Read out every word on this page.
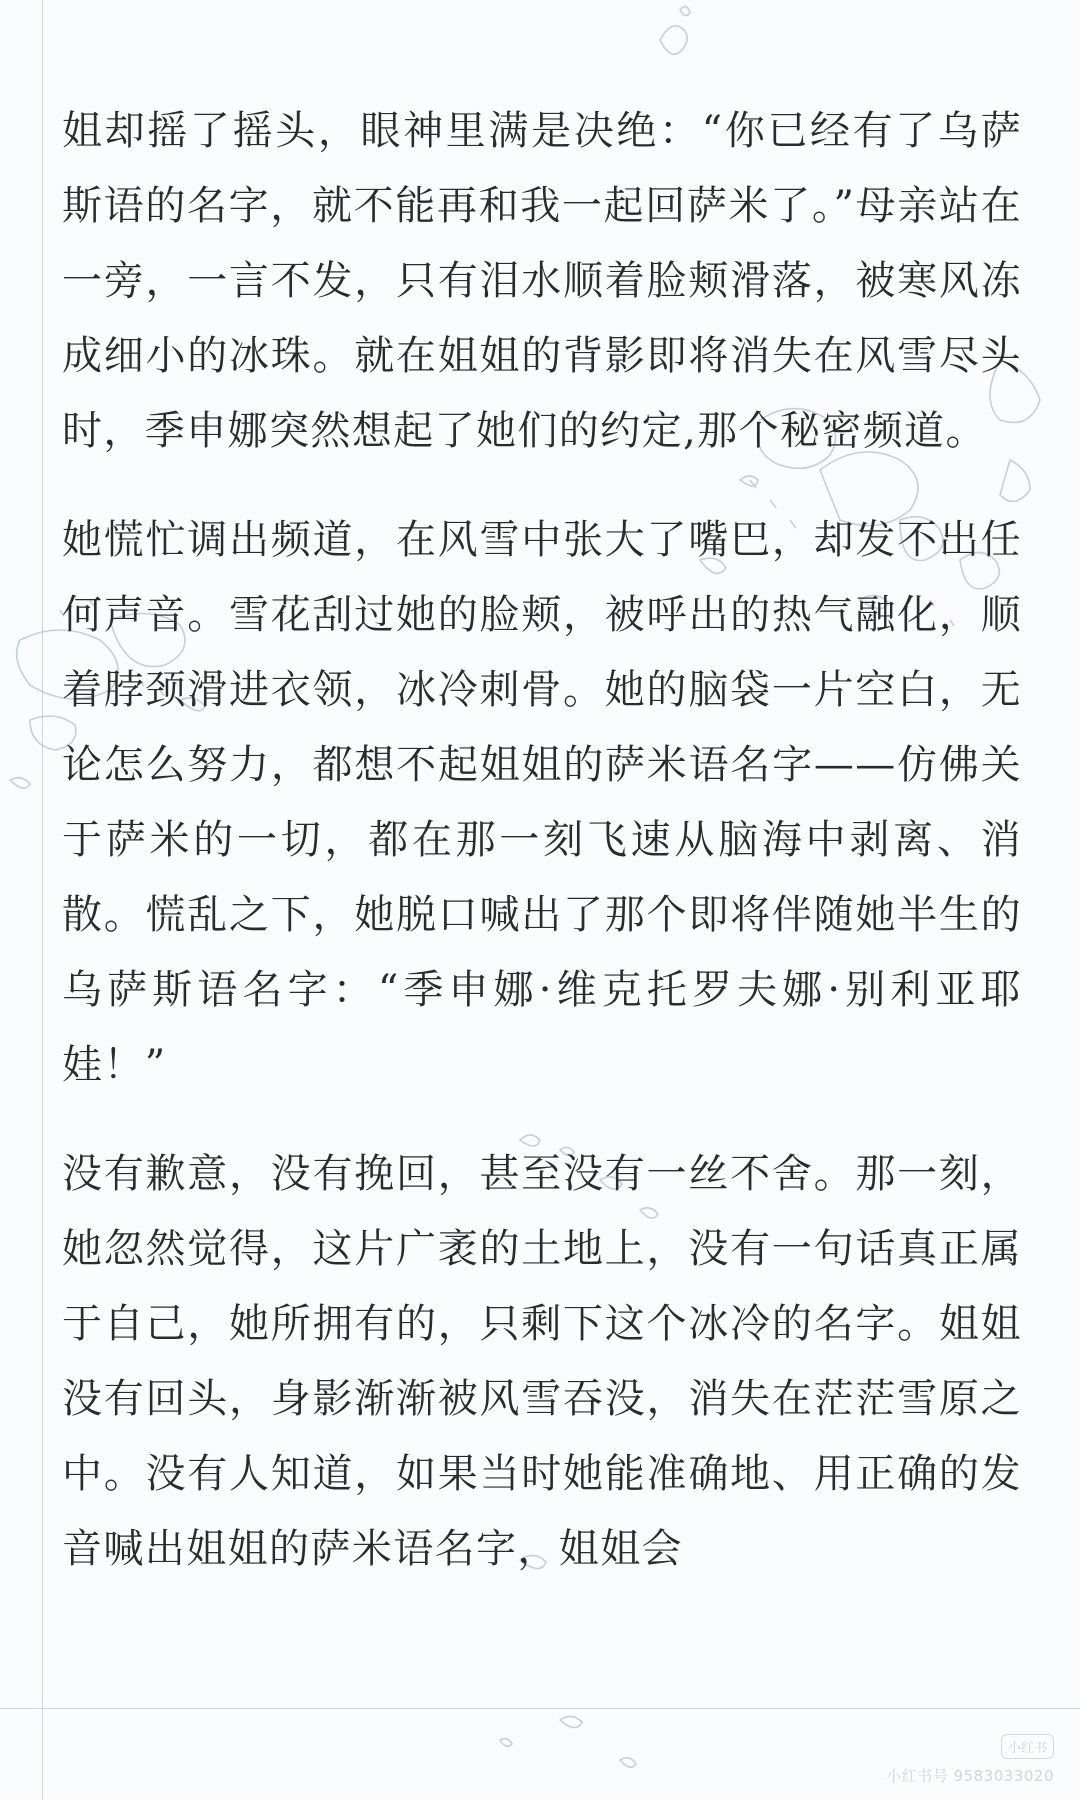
姐却摇了摇头，眼神里满是决绝：“你已经有了乌萨斯语的名字，就不能再和我一起回萨米了。”母亲站在一旁，一言不发，只有泪水顺着脸颊滑落，被寒风冻成细小的冰珠。就在姐姐的背影即将消失在风雪尽头时，季申娜突然想起了她们的约定,那个秘密频道。

她慌忙调出频道，在风雪中张大了嘴巴，却发不出任何声音。雪花刮过她的脸颊，被呼出的热气融化，顺着脖颈滑进衣领，冰冷刺骨。她的脑袋一片空白，无论怎么努力，都想不起姐姐的萨米语名字——仿佛关于萨米的一切，都在那一刻飞速从脑海中剥离、消散。慌乱之下，她脱口喊出了那个即将伴随她半生的乌萨斯语名字：“季申娜·维克托罗夫娜·别利亚耶娃！”

没有歉意，没有挽回，甚至没有一丝不舍。那一刻，她忽然觉得，这片广袤的土地上，没有一句话真正属于自己，她所拥有的，只剩下这个冰冷的名字。姐姐没有回头，身影渐渐被风雪吞没，消失在茫茫雪原之中。没有人知道，如果当时她能准确地、用正确的发音喊出姐姐的萨米语名字，姐姐会

小红书
小红书号 9583033020
